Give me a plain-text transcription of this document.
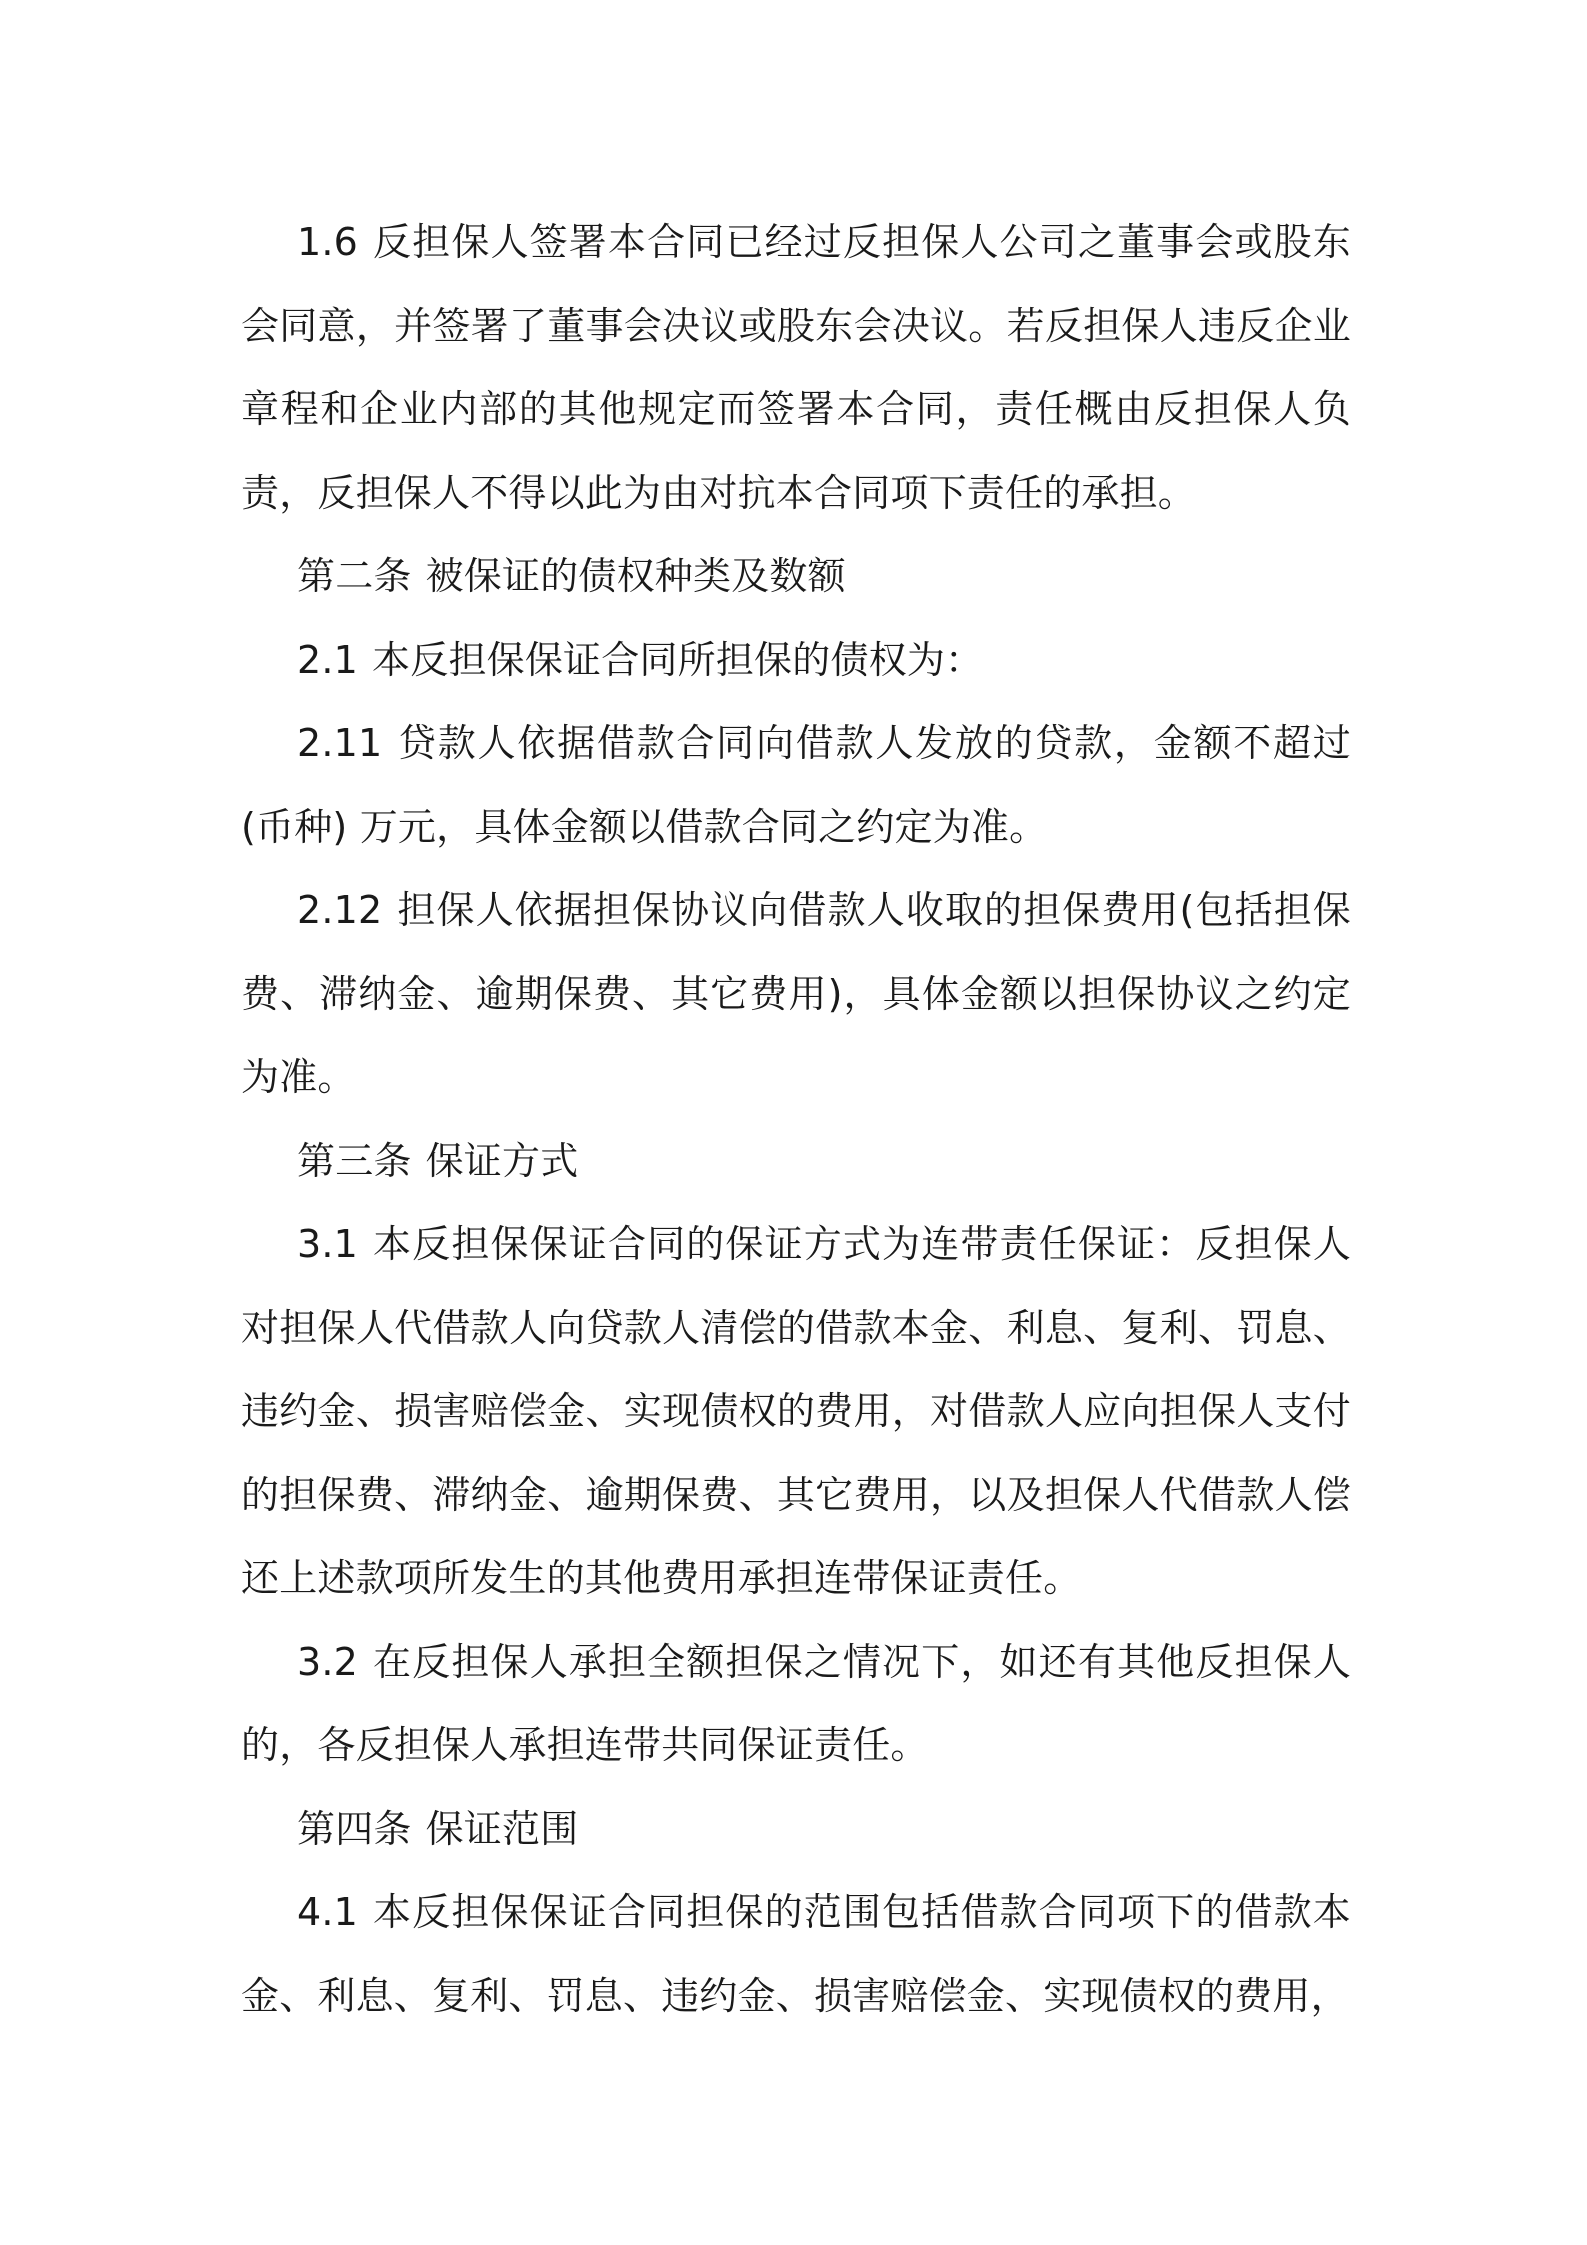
1.6 反担保人签署本合同已经过反担保人公司之董事会或股东会同意，并签署了董事会决议或股东会决议。若反担保人违反企业章程和企业内部的其他规定而签署本合同，责任概由反担保人负责，反担保人不得以此为由对抗本合同项下责任的承担。

第二条 被保证的债权种类及数额

2.1 本反担保保证合同所担保的债权为：

2.11 贷款人依据借款合同向借款人发放的贷款，金额不超过(币种) 万元，具体金额以借款合同之约定为准。

2.12 担保人依据担保协议向借款人收取的担保费用(包括担保费、滞纳金、逾期保费、其它费用)，具体金额以担保协议之约定为准。

第三条 保证方式

3.1 本反担保保证合同的保证方式为连带责任保证：反担保人对担保人代借款人向贷款人清偿的借款本金、利息、复利、罚息、违约金、损害赔偿金、实现债权的费用，对借款人应向担保人支付的担保费、滞纳金、逾期保费、其它费用，以及担保人代借款人偿还上述款项所发生的其他费用承担连带保证责任。

3.2 在反担保人承担全额担保之情况下，如还有其他反担保人的，各反担保人承担连带共同保证责任。

第四条 保证范围

4.1 本反担保保证合同担保的范围包括借款合同项下的借款本金、利息、复利、罚息、违约金、损害赔偿金、实现债权的费用，
